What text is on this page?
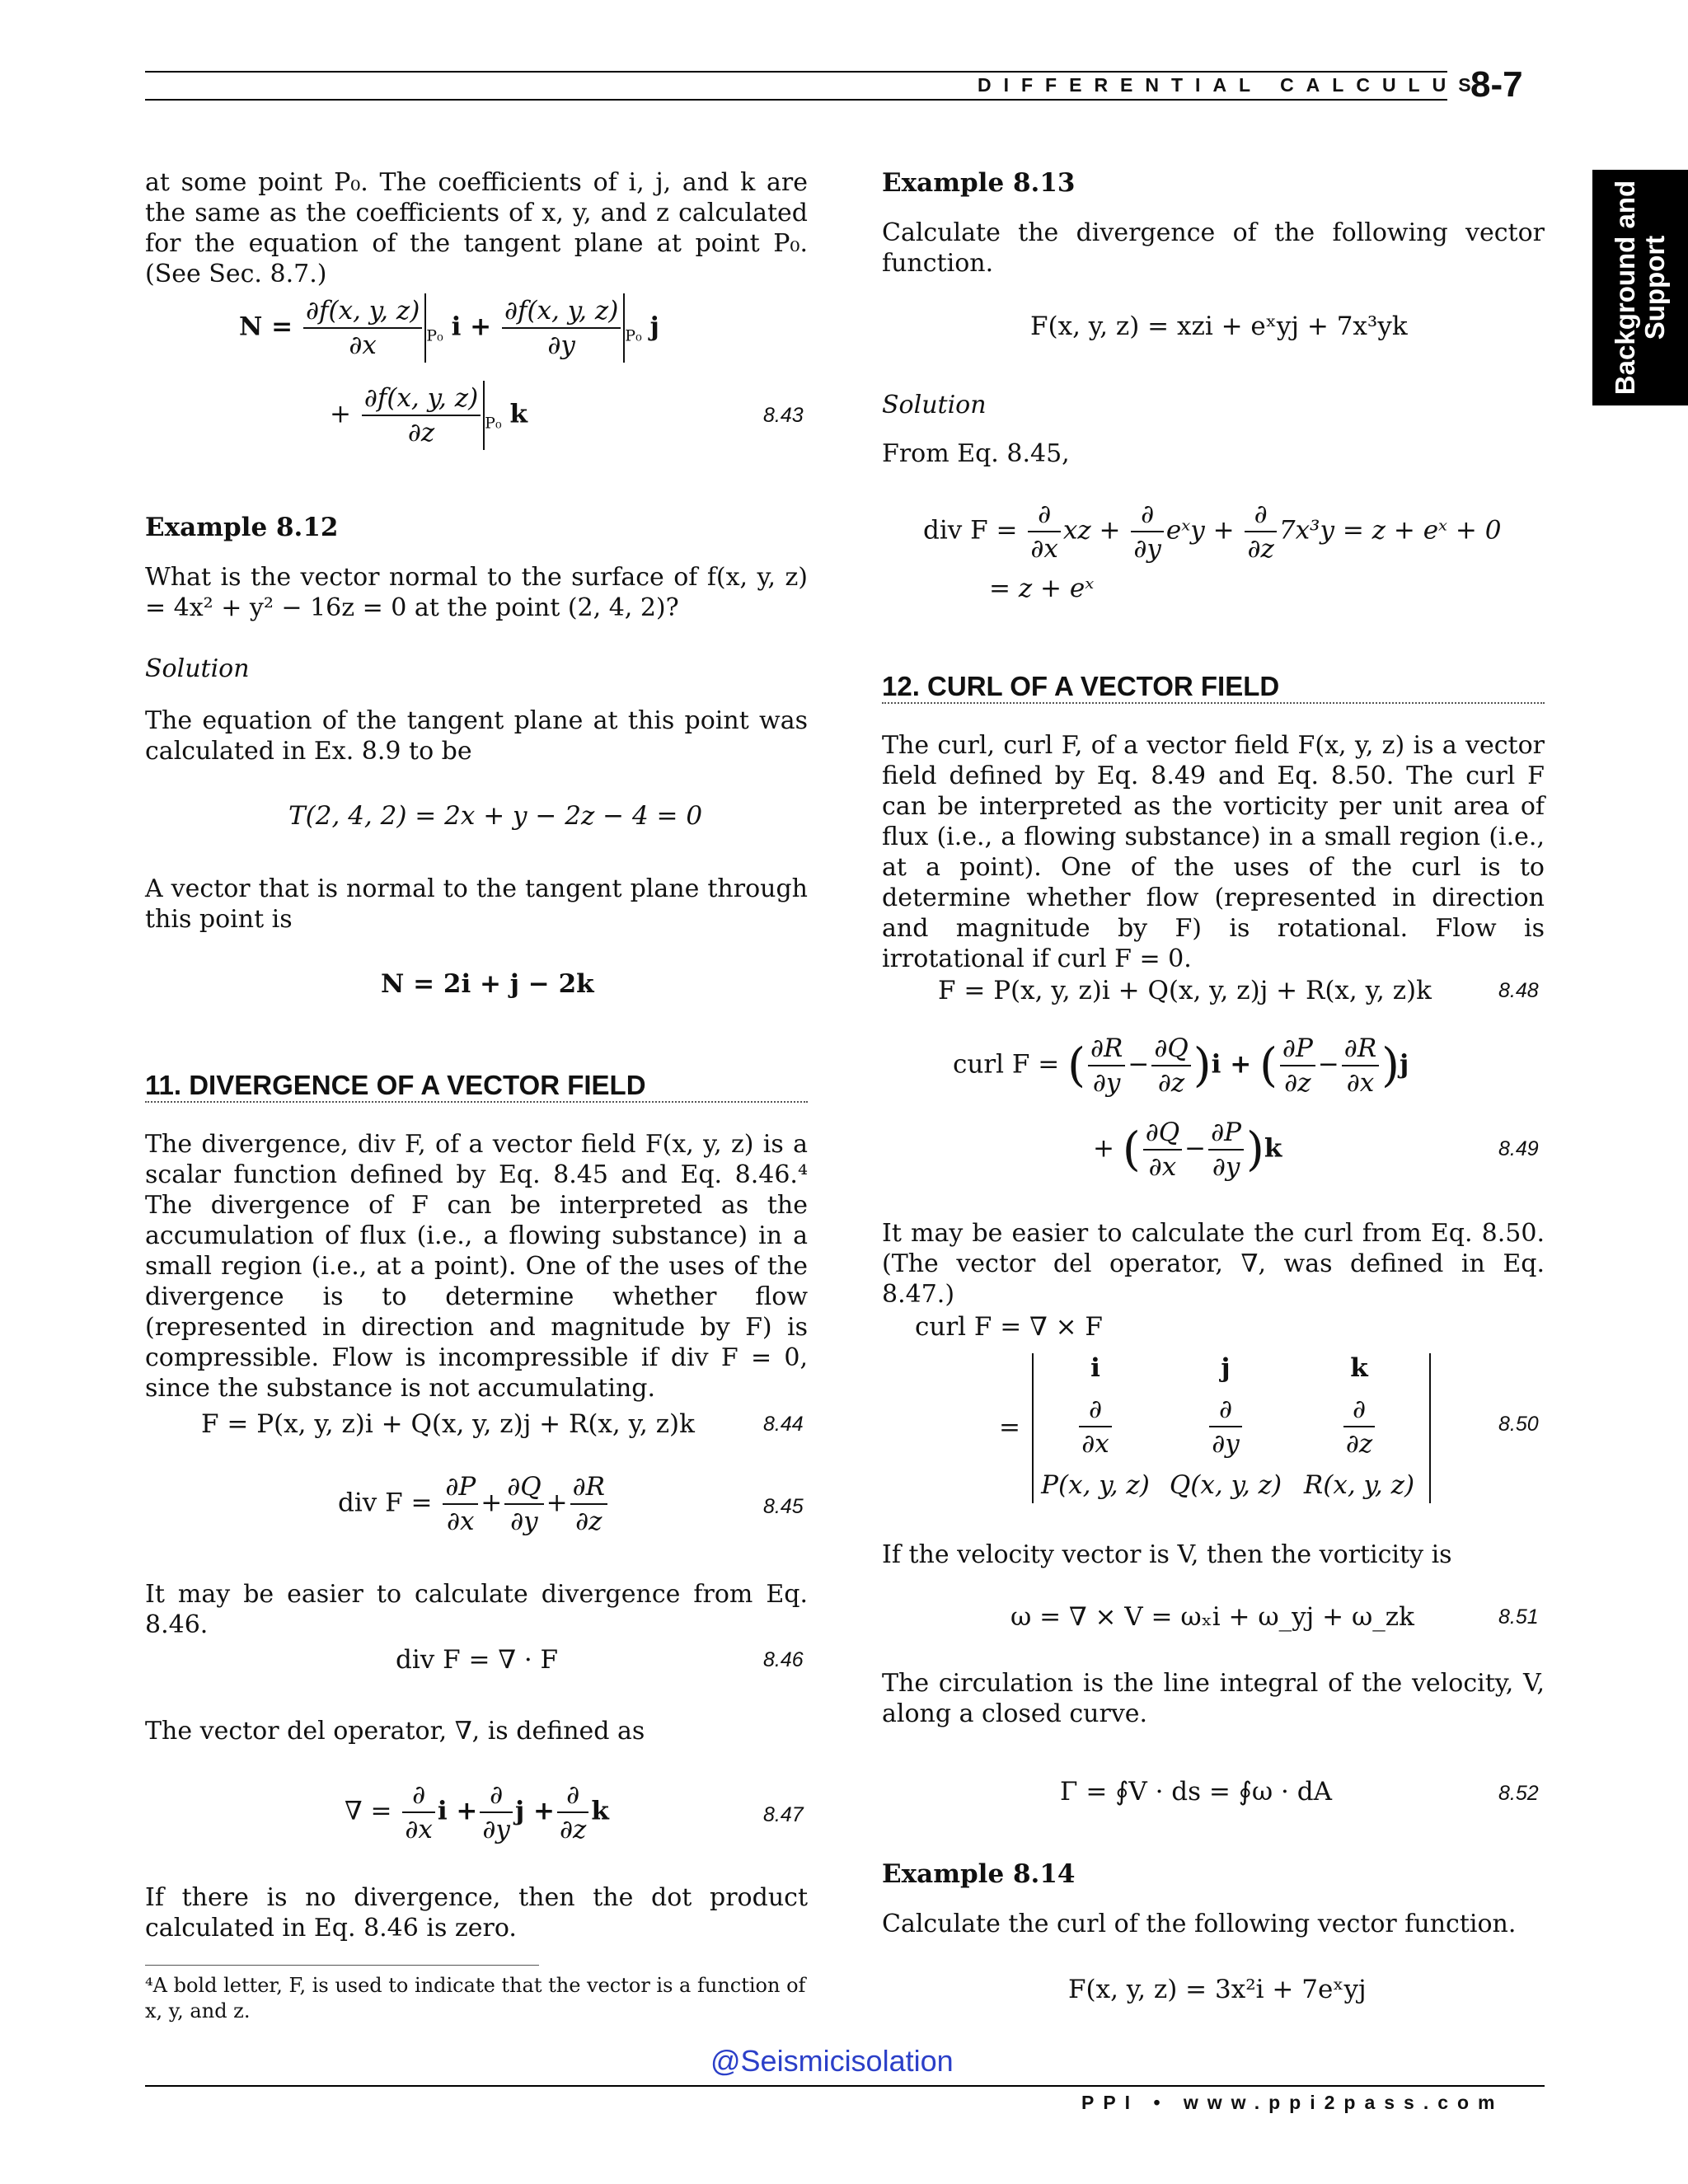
DIFFERENTIAL CALCULUS
8-7
Background and Support
at some point P₀. The coefficients of i, j, and k are the same as the coefficients of x, y, and z calculated for the equation of the tangent plane at point P₀. (See Sec. 8.7.)
$N = \frac{\partial f(x, y, z)}{\partial x} _{P_0}$ $i + \frac{\partial f(x, y, z)}{\partial y} _{P_0}$ j
+ $\frac{\partial f(x, y, z)}{\partial z} _{P_0}$ k	8.43
Example 8.12
What is the vector normal to the surface of f(x, y, z) = 4x² + y² − 16z = 0 at the point (2, 4, 2)?
Solution
The equation of the tangent plane at this point was calculated in Ex. 8.9 to be
T(2, 4, 2) = 2x + y − 2z − 4 = 0
A vector that is normal to the tangent plane through this point is
N = 2i + j − 2k
11. DIVERGENCE OF A VECTOR FIELD
The divergence, div F, of a vector field F(x, y, z) is a scalar function defined by Eq. 8.45 and Eq. 8.46.⁴ The divergence of F can be interpreted as the accumulation of flux (i.e., a flowing substance) in a small region (i.e., at a point). One of the uses of the divergence is to determine whether flow (represented in direction and magnitude by F) is compressible. Flow is incompressible if div F = 0, since the substance is not accumulating.
F = P(x, y, z)i + Q(x, y, z)j + R(x, y, z)k	8.44
div $F = \frac{\partial P}{\partial x} + \frac{\partial Q}{\partial y} + \frac{\partial R}{\partial z}$	8.45
It may be easier to calculate divergence from Eq. 8.46.
div F = ∇ · F	8.46
The vector del operator, ∇, is defined as
∇ = $\frac{\partial}{\partial x}$ $i + \frac{\partial}{\partial y}$ $j + \frac{\partial}{\partial z}$ k	8.47
If there is no divergence, then the dot product calculated in Eq. 8.46 is zero.
⁴A bold letter, F, is used to indicate that the vector is a function of x, y, and z.
Example 8.13
Calculate the divergence of the following vector function.
F(x, y, z) = xzi + eˣyj + 7x³yk
Solution
From Eq. 8.45,
div $F = \frac{\partial}{\partial x}$ xz + $\frac{\partial}{\partial y}$ eˣy + $\frac{\partial}{\partial z} 7x^3y = z$ + eˣ + 0
= z + eˣ
12. CURL OF A VECTOR FIELD
The curl, curl F, of a vector field F(x, y, z) is a vector field defined by Eq. 8.49 and Eq. 8.50. The curl F can be interpreted as the vorticity per unit area of flux (i.e., a flowing substance) in a small region (i.e., at a point). One of the uses of the curl is to determine whether flow (represented in direction and magnitude by F) is rotational. Flow is irrotational if curl F = 0.
F = P(x, y, z)i + Q(x, y, z)j + R(x, y, z)k	8.48
curl F = ( $\frac{\partial R}{\partial y} - \frac{\partial Q}{\partial z} )i$ + ( $\frac{\partial P}{\partial z} - \frac{\partial R}{\partial x} )j$
+ ( $\frac{\partial Q}{\partial x} - \frac{\partial P}{\partial y} )k$	8.49
It may be easier to calculate the curl from Eq. 8.50. (The vector del operator, ∇, was defined in Eq. 8.47.)
curl F = ∇ × F
=
i	j	k
$\frac{\partial}{\partial x}$	$\frac{\partial}{\partial y}$	$\frac{\partial}{\partial z}$
P(x, y, z) Q(x, y, z) R(x, y, z)
8.50
If the velocity vector is V, then the vorticity is
ω = ∇ × V = ωₓi + ω_yj + ω_zk	8.51
The circulation is the line integral of the velocity, V, along a closed curve.
Γ = ∮V · ds = ∮ω · dA	8.52
Example 8.14
Calculate the curl of the following vector function.
F(x, y, z) = 3x²i + 7eˣyj
@Seismicisolation
PPI • www.ppi2pass.com
